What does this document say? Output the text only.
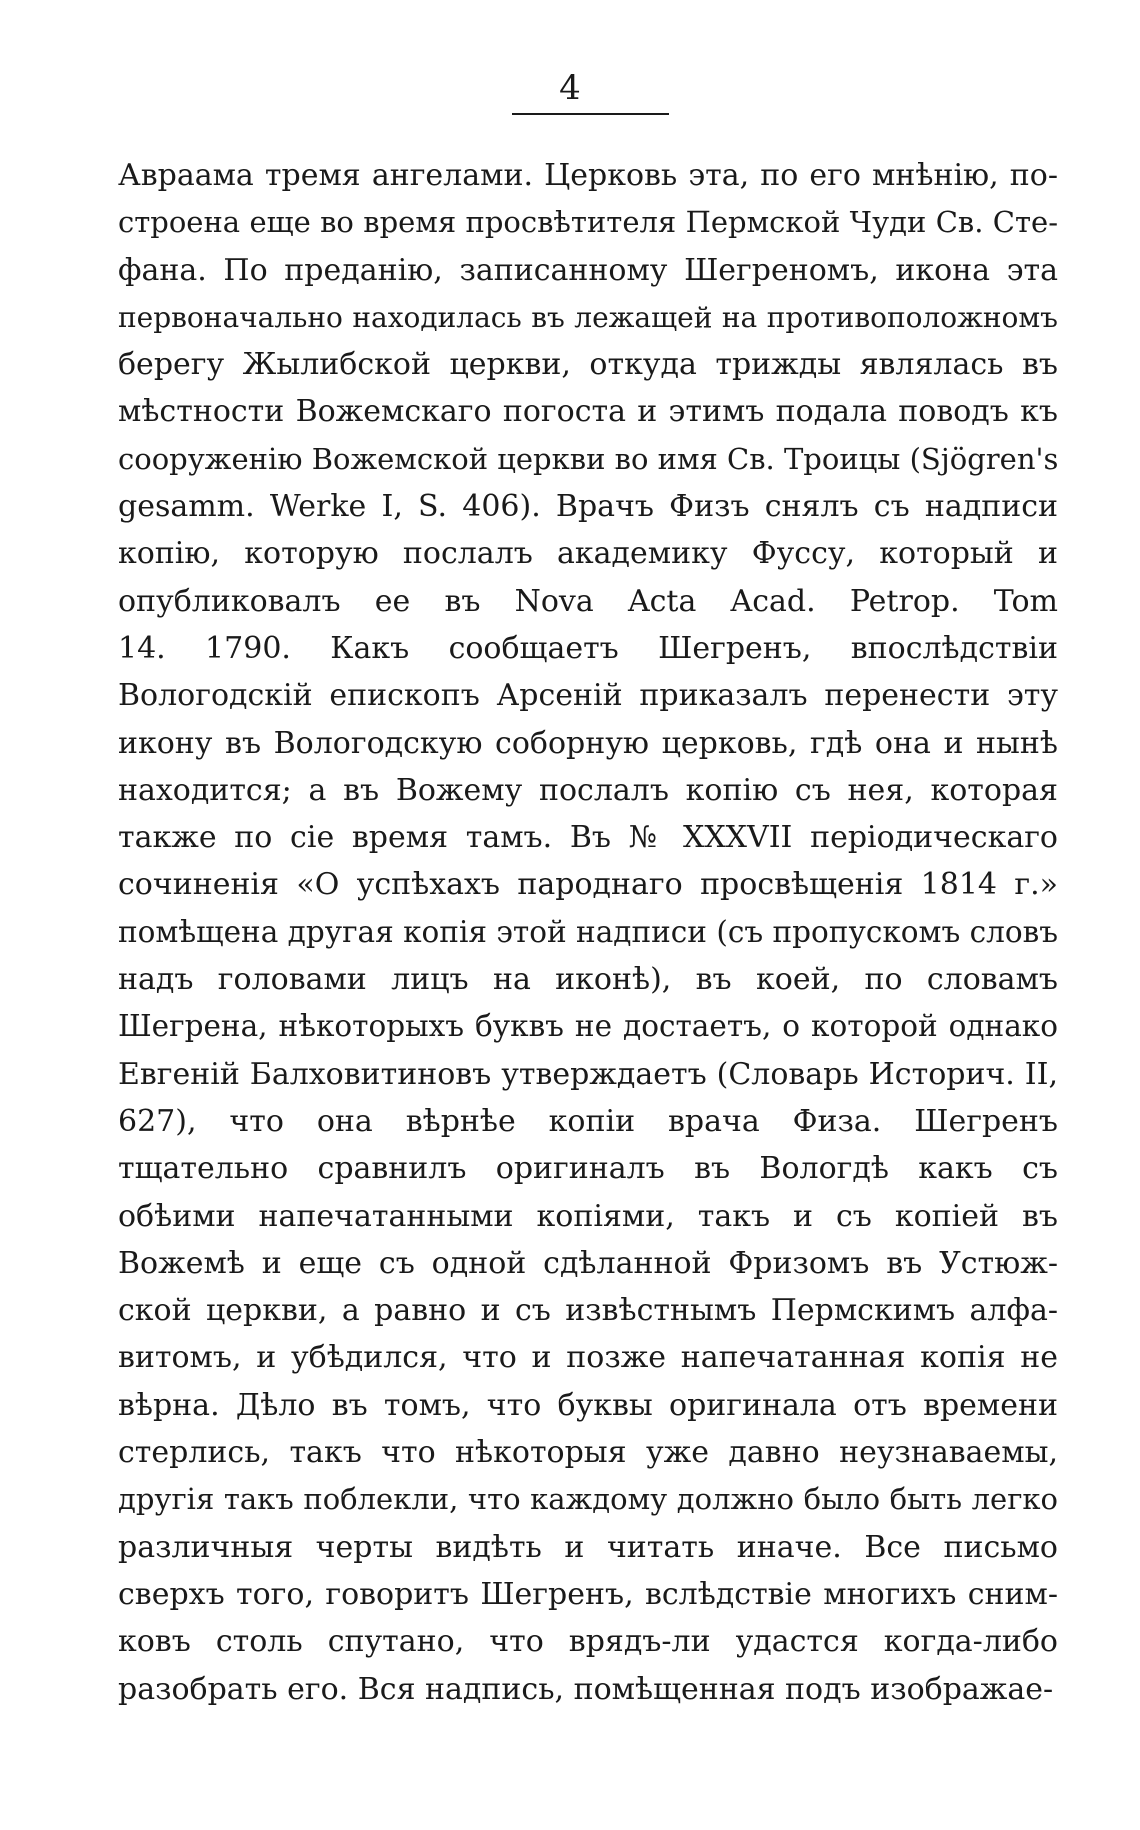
4
Авраама тремя ангелами. Церковь эта, по его мнѣнію, по-
строена еще во время просвѣтителя Пермской Чуди Св. Сте-
фана. По преданію, записанному Шегреномъ, икона эта
первоначально находилась въ лежащей на противоположномъ
берегу Жылибской церкви, откуда трижды являлась въ
мѣстности Вожемскаго погоста и этимъ подала поводъ къ
сооруженію Вожемской церкви во имя Св. Троицы (Sjögren's
gesamm. Werke I, S. 406). Врачъ Физъ снялъ съ надписи
копію, которую послалъ академику Фуссу, который и
опубликовалъ ее въ Nova Acta Acad. Petrop. Tom
14. 1790. Какъ сообщаетъ Шегренъ, впослѣдствіи
Вологодскій епископъ Арсеній приказалъ перенести эту
икону въ Вологодскую соборную церковь, гдѣ она и нынѣ
находится; а въ Вожему послалъ копію съ нея, которая
также по сіе время тамъ. Въ № XXXVII періодическаго
сочиненія «О успѣхахъ пароднаго просвѣщенія 1814 г.»
помѣщена другая копія этой надписи (съ пропускомъ словъ
надъ головами лицъ на иконѣ), въ коей, по словамъ
Шегрена, нѣкоторыхъ буквъ не достаетъ, о которой однако
Евгеній Балховитиновъ утверждаетъ (Словарь Историч. II,
627), что она вѣрнѣе копіи врача Физа. Шегренъ
тщательно сравнилъ оригиналъ въ Вологдѣ какъ съ
обѣими напечатанными копіями, такъ и съ копіей въ
Вожемѣ и еще съ одной сдѣланной Фризомъ въ Устюж-
ской церкви, а равно и съ извѣстнымъ Пермскимъ алфа-
витомъ, и убѣдился, что и позже напечатанная копія не
вѣрна. Дѣло въ томъ, что буквы оригинала отъ времени
стерлись, такъ что нѣкоторыя уже давно неузнаваемы,
другія такъ поблекли, что каждому должно было быть легко
различныя черты видѣть и читать иначе. Все письмо
сверхъ того, говоритъ Шегренъ, вслѣдствіе многихъ сним-
ковъ столь спутано, что врядъ-ли удастся когда-либо
разобрать его. Вся надпись, помѣщенная подъ изображае-
